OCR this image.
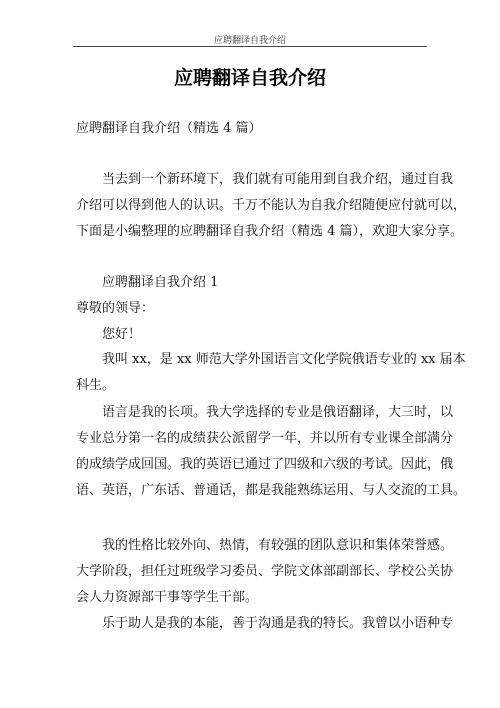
应聘翻译自我介绍
应聘翻译自我介绍
应聘翻译自我介绍（精选 4 篇）
当去到一个新环境下，我们就有可能用到自我介绍，通过自我
介绍可以得到他人的认识。千万不能认为自我介绍随便应付就可以，
下面是小编整理的应聘翻译自我介绍（精选 4 篇），欢迎大家分享。
应聘翻译自我介绍 1
尊敬的领导：
您好！
我叫 xx，是 xx 师范大学外国语言文化学院俄语专业的 xx 届本
科生。
语言是我的长项。我大学选择的专业是俄语翻译，大三时，以
专业总分第一名的成绩获公派留学一年，并以所有专业课全部满分
的成绩学成回国。我的英语已通过了四级和六级的考试。因此，俄
语、英语，广东话、普通话，都是我能熟练运用、与人交流的工具。
我的性格比较外向、热情，有较强的团队意识和集体荣誉感。
大学阶段，担任过班级学习委员、学院文体部副部长、学校公关协
会人力资源部干事等学生干部。
乐于助人是我的本能，善于沟通是我的特长。我曾以小语种专
